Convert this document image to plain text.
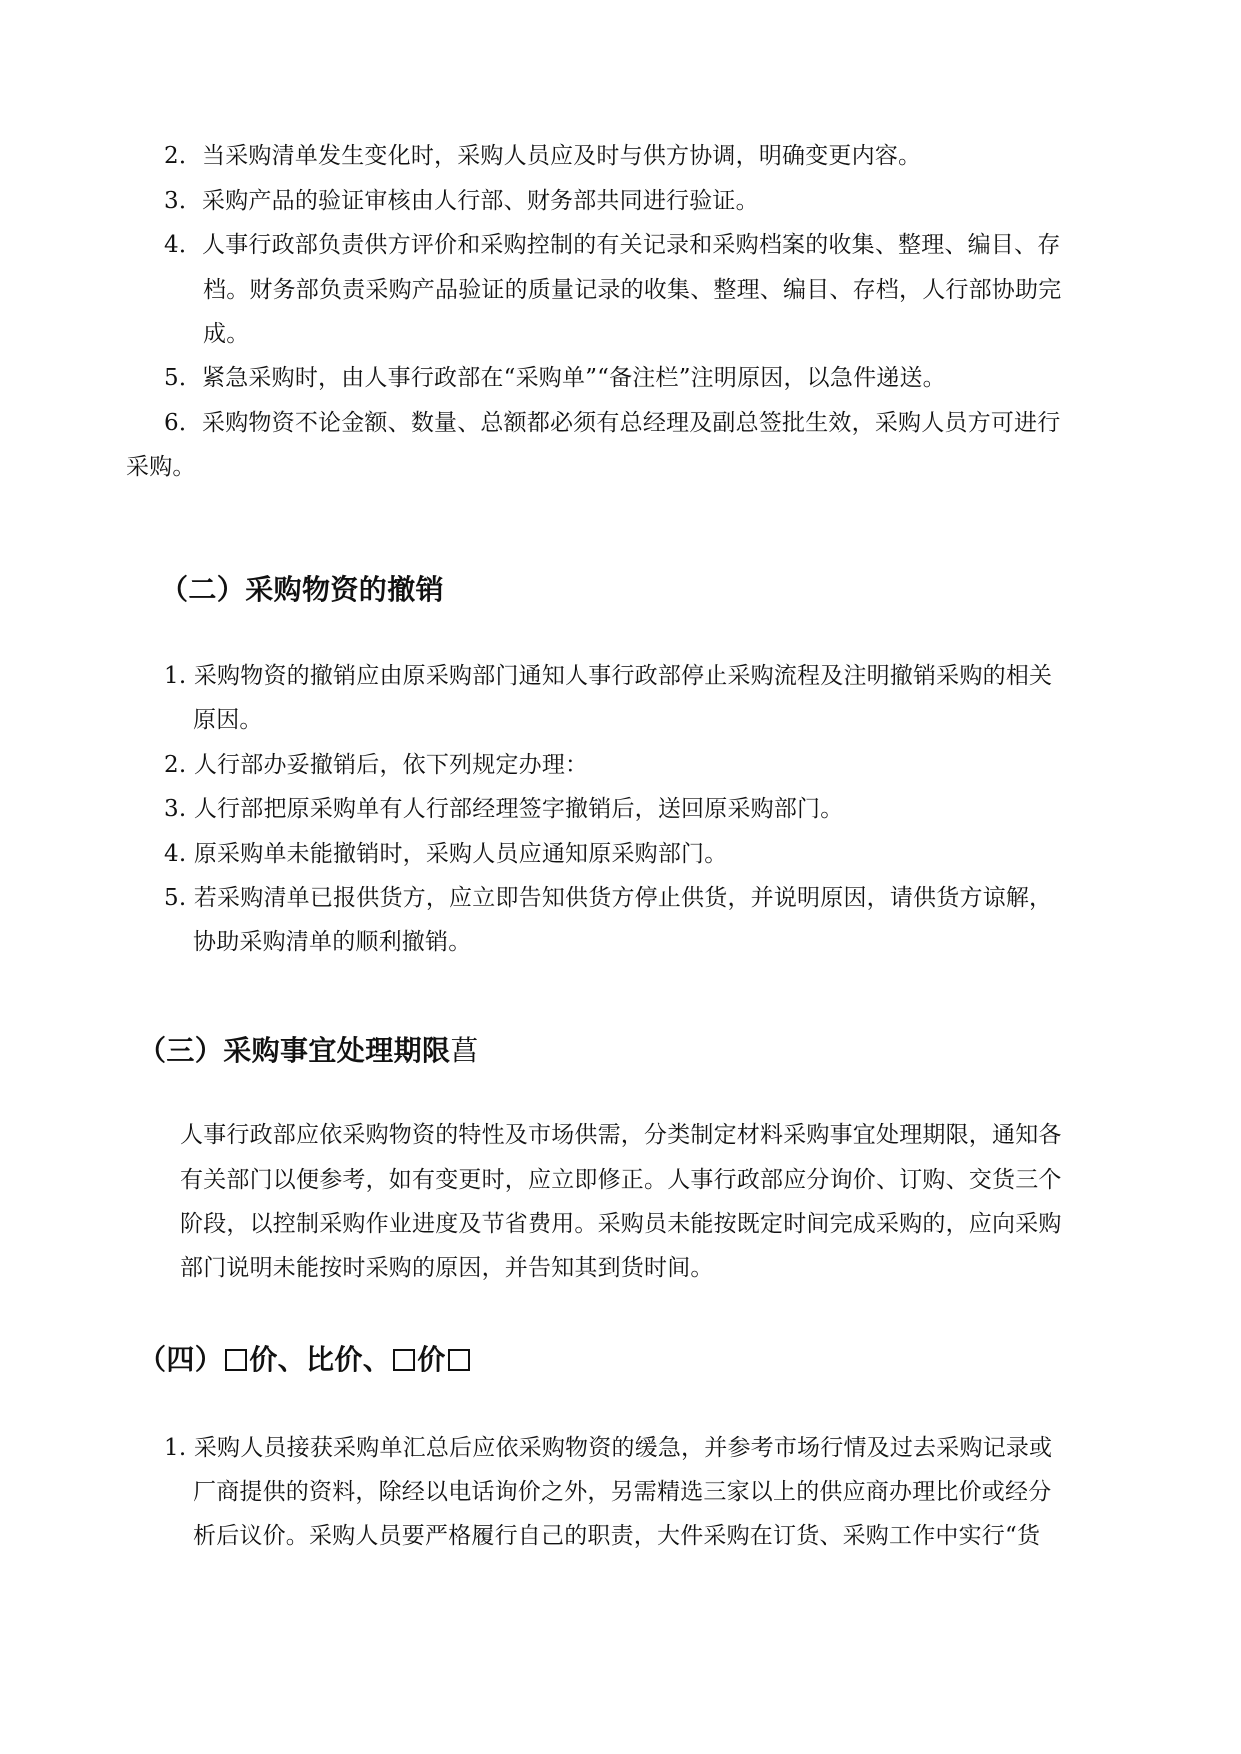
2．当采购清单发生变化时，采购人员应及时与供方协调，明确变更内容。
3．采购产品的验证审核由人行部、财务部共同进行验证。
4．人事行政部负责供方评价和采购控制的有关记录和采购档案的收集、整理、编目、存
档。财务部负责采购产品验证的质量记录的收集、整理、编目、存档，人行部协助完
成。
5．紧急采购时，由人事行政部在“采购单”“备注栏”注明原因，以急件递送。
6．采购物资不论金额、数量、总额都必须有总经理及副总签批生效，采购人员方可进行
采购。
（二）采购物资的撤销
1. 采购物资的撤销应由原采购部门通知人事行政部停止采购流程及注明撤销采购的相关
原因。
2. 人行部办妥撤销后，依下列规定办理：
3. 人行部把原采购单有人行部经理签字撤销后，送回原采购部门。
4. 原采购单未能撤销时，采购人员应通知原采购部门。
5. 若采购清单已报供货方，应立即告知供货方停止供货，并说明原因，请供货方谅解，
协助采购清单的顺利撤销。
（三）采购事宜处理期限菖
人事行政部应依采购物资的特性及市场供需，分类制定材料采购事宜处理期限，通知各
有关部门以便参考，如有变更时，应立即修正。人事行政部应分询价、订购、交货三个
阶段，以控制采购作业进度及节省费用。采购员未能按既定时间完成采购的，应向采购
部门说明未能按时采购的原因，并告知其到货时间。
（四） 价、比价、 价
1. 采购人员接获采购单汇总后应依采购物资的缓急，并参考市场行情及过去采购记录或
厂商提供的资料，除经以电话询价之外，另需精选三家以上的供应商办理比价或经分
析后议价。采购人员要严格履行自己的职责，大件采购在订货、采购工作中实行“货
